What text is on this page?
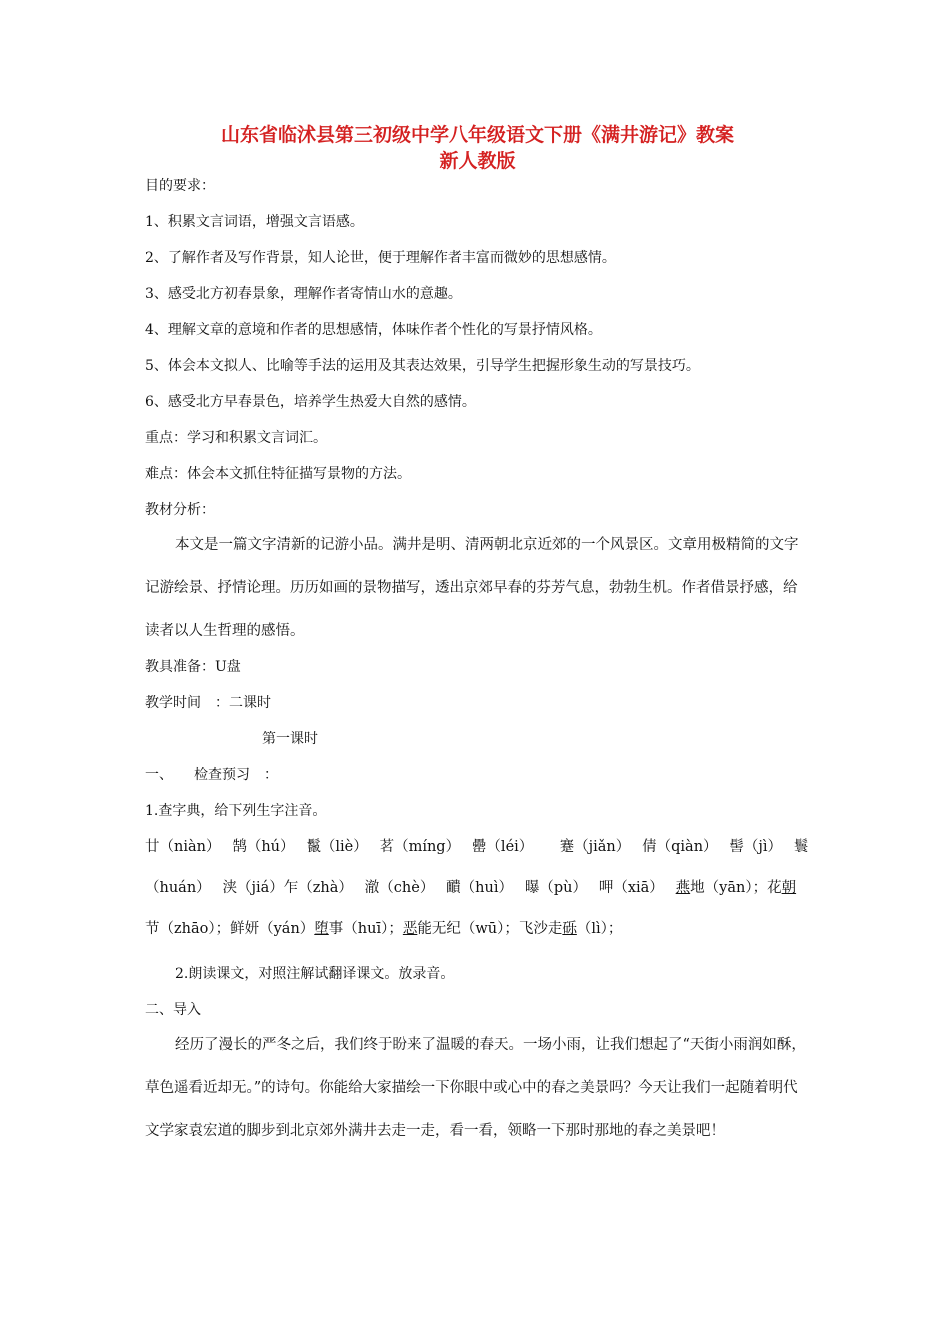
山东省临沭县第三初级中学八年级语文下册《满井游记》教案
新人教版

目的要求：

1、积累文言词语，增强文言语感。

2、了解作者及写作背景，知人论世，便于理解作者丰富而微妙的思想感情。

3、感受北方初春景象，理解作者寄情山水的意趣。

4、理解文章的意境和作者的思想感情，体味作者个性化的写景抒情风格。

5、体会本文拟人、比喻等手法的运用及其表达效果，引导学生把握形象生动的写景技巧。

6、感受北方早春景色，培养学生热爱大自然的感情。

重点：学习和积累文言词汇。

难点：体会本文抓住特征描写景物的方法。

教材分析：

本文是一篇文字清新的记游小品。满井是明、清两朝北京近郊的一个风景区。文章用极精简的文字记游绘景、抒情论理。历历如画的景物描写，透出京郊早春的芬芳气息，勃勃生机。作者借景抒感，给读者以人生哲理的感悟。

教具准备：U盘

教学时间　：二课时

第一课时

一、　　检查预习　：

1.查字典，给下列生字注音。

廿（niàn）　 鹄（hú）　 鬣（liè）　 茗（míng）　 罍（léi）　　 蹇（jiǎn）　 倩（qiàn）　 髻（jì）　 鬟（huán）　 浃（jiá）乍（zhà）　 澈（chè）　 靧（huì）　 曝（pù）　 呷（xiā）　 燕地（yān）；花朝节（zhāo）；鲜妍（yán）堕事（huī）；恶能无纪（wū）；飞沙走砾（lì）；

2.朗读课文，对照注解试翻译课文。放录音。

二、导入

经历了漫长的严冬之后，我们终于盼来了温暖的春天。一场小雨，让我们想起了“天街小雨润如酥，草色遥看近却无。”的诗句。你能给大家描绘一下你眼中或心中的春之美景吗？今天让我们一起随着明代文学家袁宏道的脚步到北京郊外满井去走一走，看一看，领略一下那时那地的春之美景吧！
